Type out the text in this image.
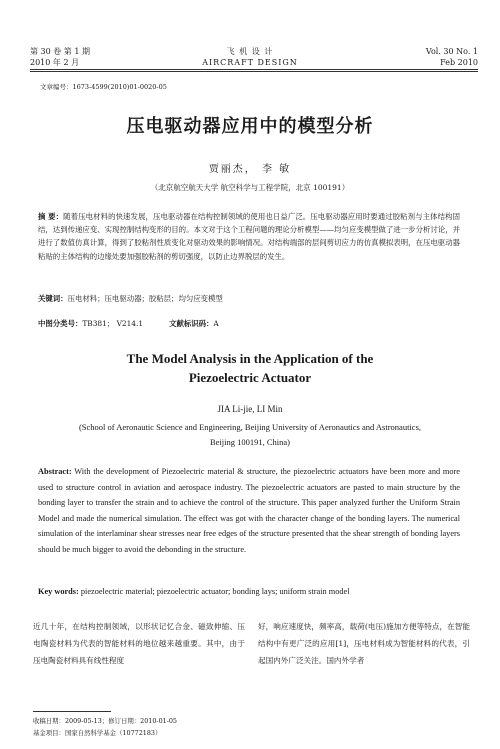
第 30 卷 第 1 期
2010 年 2 月
飞 机 设 计
AIRCRAFT DESIGN
Vol. 30 No. 1
Feb 2010
文章编号：1673-4599(2010)01-0020-05
压电驱动器应用中的模型分析
贾丽杰， 李 敏
（北京航空航天大学 航空科学与工程学院，北京 100191）
摘 要：随着压电材料的快速发展，压电驱动器在结构控制领域的使用也日益广泛。压电驱动器应用时要通过胶粘剂与主体结构固结，达到传递应变、实现控制结构变形的目的。本文对于这个工程问题的理论分析模型——均匀应变模型做了进一步分析讨论，并进行了数值仿真计算，得到了胶粘剂性质变化对驱动效果的影响情况。对结构端部的层间剪切应力的仿真模拟表明，在压电驱动器粘贴的主体结构的边缘处要加强胶粘剂的剪切强度，以防止边界脱层的发生。
关键词：压电材料；压电驱动器；胶粘层；均匀应变模型
中图分类号：TB381； V214.1	文献标识码：A
The Model Analysis in the Application of the
Piezoelectric Actuator
JIA Li-jie, LI Min
(School of Aeronautic Science and Engineering, Beijing University of Aeronautics and Astronautics,
Beijing 100191, China)
Abstract: With the development of Piezoelectric material & structure, the piezoelectric actuators have been more and more used to structure control in aviation and aerospace industry. The piezoelectric actuators are pasted to main structure by the bonding layer to transfer the strain and to achieve the control of the structure. This paper analyzed further the Uniform Strain Model and made the numerical simulation. The effect was got with the character change of the bonding layers. The numerical simulation of the interlaminar shear stresses near free edges of the structure presented that the shear strength of bonding layers should be much bigger to avoid the debonding in the structure.
Key words: piezoelectric material; piezoelectric actuator; bonding lays; uniform strain model
近几十年，在结构控制领域，以形状记忆合金、磁致伸缩、压电陶瓷材料为代表的智能材料的地位越来越重要。其中，由于压电陶瓷材料具有线性程度
好，响应速度快，频率高，载荷(电压)施加方便等特点，在智能结构中有更广泛的应用[1]，压电材料成为智能材料的代表，引起国内外广泛关注。国内外学者
收稿日期：2009-05-13；修订日期：2010-01-05
基金项目：国家自然科学基金（10772183）
